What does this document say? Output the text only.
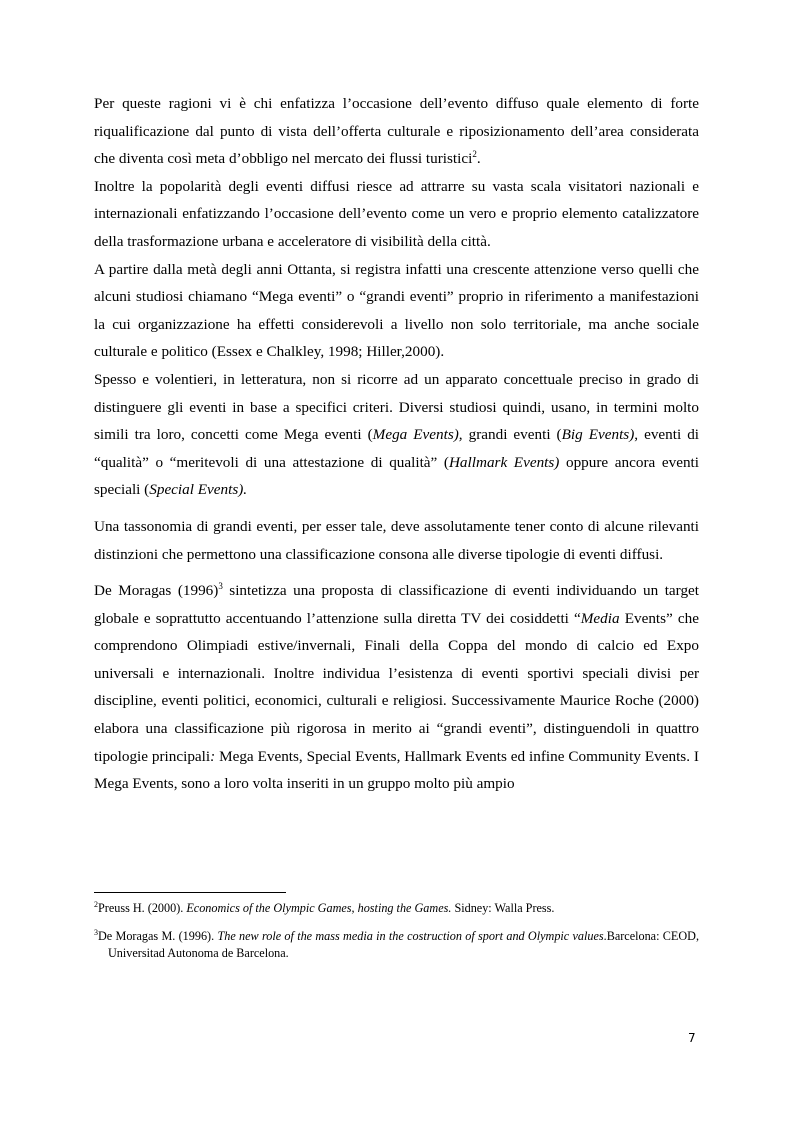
Per queste ragioni vi è chi enfatizza l’occasione dell’evento diffuso quale elemento di forte riqualificazione dal punto di vista dell’offerta culturale e riposizionamento dell’area considerata che diventa così meta d’obbligo nel mercato dei flussi turistici$^2$.

Inoltre la popolarità degli eventi diffusi riesce ad attrarre su vasta scala visitatori nazionali e internazionali enfatizzando l’occasione dell’evento come un vero e proprio elemento catalizzatore della trasformazione urbana e acceleratore di visibilità della città.

A partire dalla metà degli anni Ottanta, si registra infatti una crescente attenzione verso quelli che alcuni studiosi chiamano “Mega eventi” o “grandi eventi” proprio in riferimento a manifestazioni la cui organizzazione ha effetti considerevoli a livello non solo territoriale, ma anche sociale culturale e politico (Essex e Chalkley, 1998; Hiller,2000).

Spesso e volentieri, in letteratura, non si ricorre ad un apparato concettuale preciso in grado di distinguere gli eventi in base a specifici criteri. Diversi studiosi quindi, usano, in termini molto simili tra loro, concetti come Mega eventi (Mega Events), grandi eventi (Big Events), eventi di “qualità” o “meritevoli di una attestazione di qualità” (Hallmark Events) oppure ancora eventi speciali (Special Events).

Una tassonomia di grandi eventi, per esser tale, deve assolutamente tener conto di alcune rilevanti distinzioni che permettono una classificazione consona alle diverse tipologie di eventi diffusi.

De Moragas $(1996)^3$ sintetizza una proposta di classificazione di eventi individuando un target globale e soprattutto accentuando l’attenzione sulla diretta TV dei cosiddetti “Media Events” che comprendono Olimpiadi estive/invernali, Finali della Coppa del mondo di calcio ed Expo universali e internazionali. Inoltre individua l’esistenza di eventi sportivi speciali divisi per discipline, eventi politici, economici, culturali e religiosi. Successivamente Maurice Roche (2000) elabora una classificazione più rigorosa in merito ai “grandi eventi”, distinguendoli in quattro tipologie principali: Mega Events, Special Events, Hallmark Events ed infine Community Events. I Mega Events, sono a loro volta inseriti in un gruppo molto più ampio

$^2$Preuss H. (2000). Economics of the Olympic Games, hosting the Games. Sidney: Walla Press.

$^3$De Moragas M. (1996). The new role of the mass media in the costruction of sport and Olympic values.Barcelona: CEOD, Universitad Autonoma de Barcelona.

7
